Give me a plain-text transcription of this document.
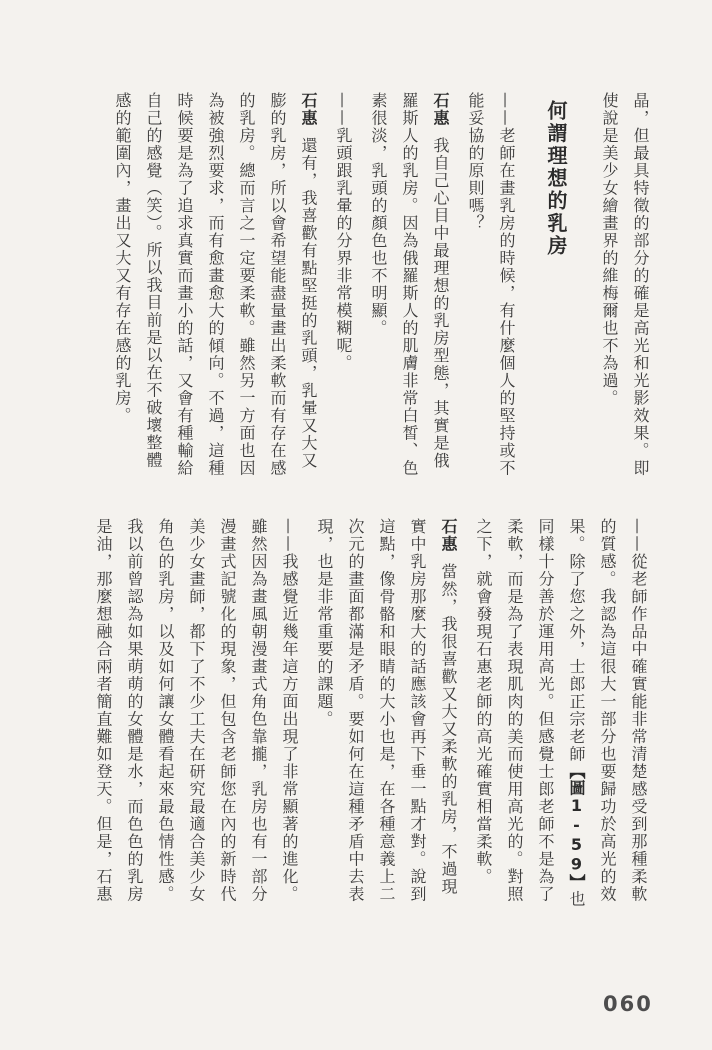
晶，但最具特徵的部分的確是高光和光影效果。即使說是美少女繪畫界的維梅爾也不為過。

何謂理想的乳房

——老師在畫乳房的時候，有什麼個人的堅持或不能妥協的原則嗎？

石惠我自己心目中最理想的乳房型態，其實是俄羅斯人的乳房。因為俄羅斯人的肌膚非常白皙、色素很淡，乳頭的顏色也不明顯。

——乳頭跟乳暈的分界非常模糊呢。

石惠還有，我喜歡有點堅挺的乳頭，乳暈又大又膨的乳房，所以會希望能盡量畫出柔軟而有存在感的乳房。總而言之一定要柔軟。雖然另一方面也因為被強烈要求，而有愈畫愈大的傾向。不過，這種時候要是為了追求真實而畫小的話，又會有種輸給自己的感覺（笑）。所以我目前是以在不破壞整體感的範圍內，畫出又大又有存在感的乳房。

——從老師作品中確實能非常清楚感受到那種柔軟的質感。我認為這很大一部分也要歸功於高光的效果。除了您之外，士郎正宗老師【圖1-59】也同樣十分善於運用高光。但感覺士郎老師不是為了柔軟，而是為了表現肌肉的美而使用高光的。對照之下，就會發現石惠老師的高光確實相當柔軟。

石惠當然，我很喜歡又大又柔軟的乳房，不過現實中乳房那麼大的話應該會再下垂一點才對。說到這點，像骨骼和眼睛的大小也是，在各種意義上二次元的畫面都滿是矛盾。要如何在這種矛盾中去表現，也是非常重要的課題。

——我感覺近幾年這方面出現了非常顯著的進化。雖然因為畫風朝漫畫式角色靠攏，乳房也有一部分漫畫式記號化的現象，但包含老師您在內的新時代美少女畫師，都下了不少工夫在研究最適合美少女角色的乳房，以及如何讓女體看起來最色情性感。我以前曾認為如果萌萌的女體是水，而色色的乳房是油，那麼想融合兩者簡直難如登天。但是，石惠

060
